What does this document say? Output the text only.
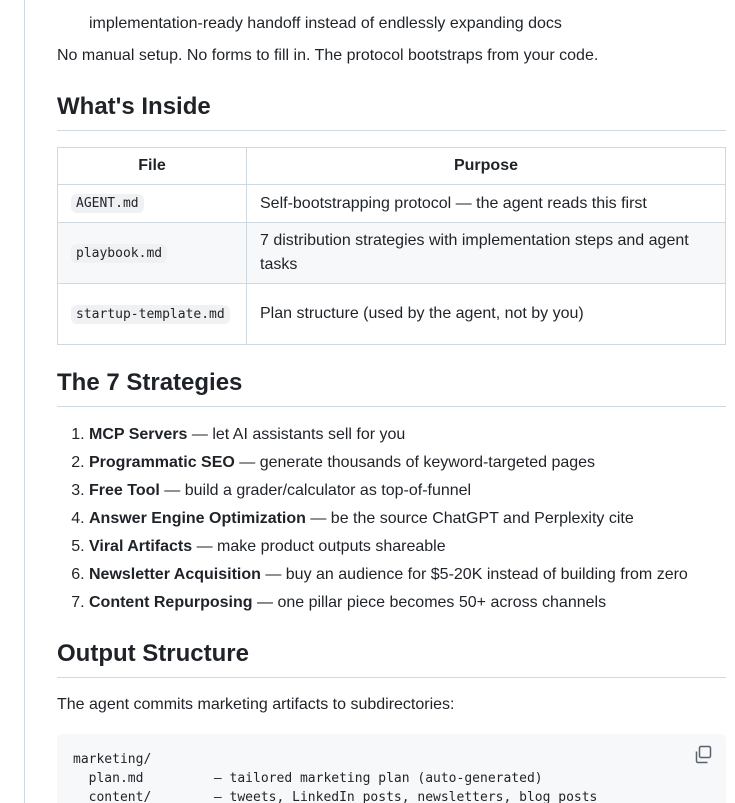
implementation-ready handoff instead of endlessly expanding docs

No manual setup. No forms to fill in. The protocol bootstraps from your code.

What's Inside
File	Purpose
AGENT.md	Self-bootstrapping protocol — the agent reads this first
playbook.md	7 distribution strategies with implementation steps and agent tasks
startup-template.md	Plan structure (used by the agent, not by you)
The 7 Strategies
1. MCP Servers — let AI assistants sell for you
2. Programmatic SEO — generate thousands of keyword-targeted pages
3. Free Tool — build a grader/calculator as top-of-funnel
4. Answer Engine Optimization — be the source ChatGPT and Perplexity cite
5. Viral Artifacts — make product outputs shareable
6. Newsletter Acquisition — buy an audience for $5-20K instead of building from zero
7. Content Repurposing — one pillar piece becomes 50+ across channels
Output Structure

The agent commits marketing artifacts to subdirectories:

marketing/
plan.md         — tailored marketing plan (auto-generated)
content/        — tweets, LinkedIn posts, newsletters, blog posts
